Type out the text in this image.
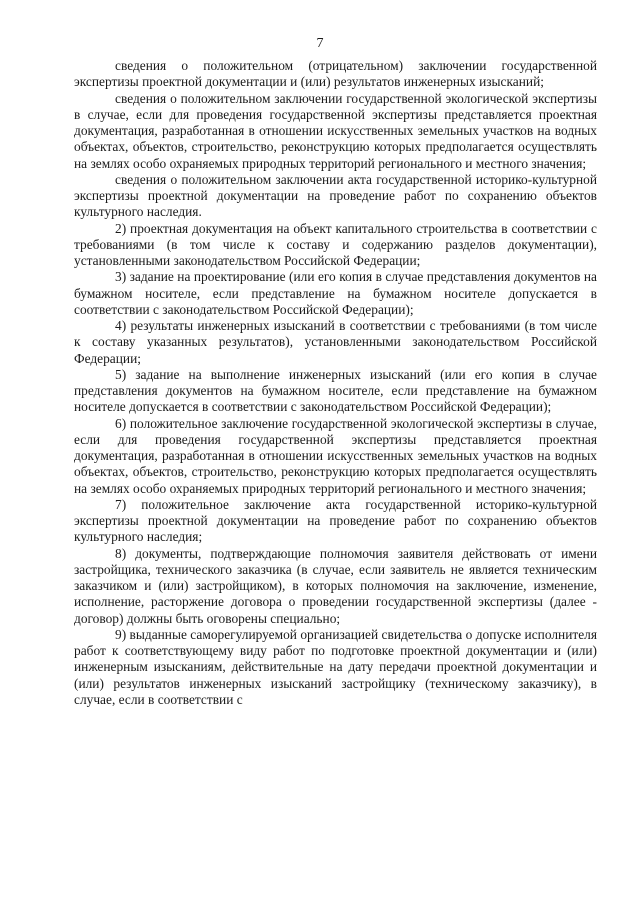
7

сведения о положительном (отрицательном) заключении государственной экспертизы проектной документации и (или) результатов инженерных изысканий;

сведения о положительном заключении государственной экологической экспертизы в случае, если для проведения государственной экспертизы представляется проектная документация, разработанная в отношении искусственных земельных участков на водных объектах, объектов, строительство, реконструкцию которых предполагается осуществлять на землях особо охраняемых природных территорий регионального и местного значения;

сведения о положительном заключении акта государственной историко-культурной экспертизы проектной документации на проведение работ по сохранению объектов культурного наследия.

2) проектная документация на объект капитального строительства в соответствии с требованиями (в том числе к составу и содержанию разделов документации), установленными законодательством Российской Федерации;

3) задание на проектирование (или его копия в случае представления документов на бумажном носителе, если представление на бумажном носителе допускается в соответствии с законодательством Российской Федерации);

4) результаты инженерных изысканий в соответствии с требованиями (в том числе к составу указанных результатов), установленными законодательством Российской Федерации;

5) задание на выполнение инженерных изысканий (или его копия в случае представления документов на бумажном носителе, если представление на бумажном носителе допускается в соответствии с законодательством Российской Федерации);

6) положительное заключение государственной экологической экспертизы в случае, если для проведения государственной экспертизы представляется проектная документация, разработанная в отношении искусственных земельных участков на водных объектах, объектов, строительство, реконструкцию которых предполагается осуществлять на землях особо охраняемых природных территорий регионального и местного значения;

7) положительное заключение акта государственной историко-культурной экспертизы проектной документации на проведение работ по сохранению объектов культурного наследия;

8) документы, подтверждающие полномочия заявителя действовать от имени застройщика, технического заказчика (в случае, если заявитель не является техническим заказчиком и (или) застройщиком), в которых полномочия на заключение, изменение, исполнение, расторжение договора о проведении государственной экспертизы (далее - договор) должны быть оговорены специально;

9) выданные саморегулируемой организацией свидетельства о допуске исполнителя работ к соответствующему виду работ по подготовке проектной документации и (или) инженерным изысканиям, действительные на дату передачи проектной документации и (или) результатов инженерных изысканий застройщику (техническому заказчику), в случае, если в соответствии с
